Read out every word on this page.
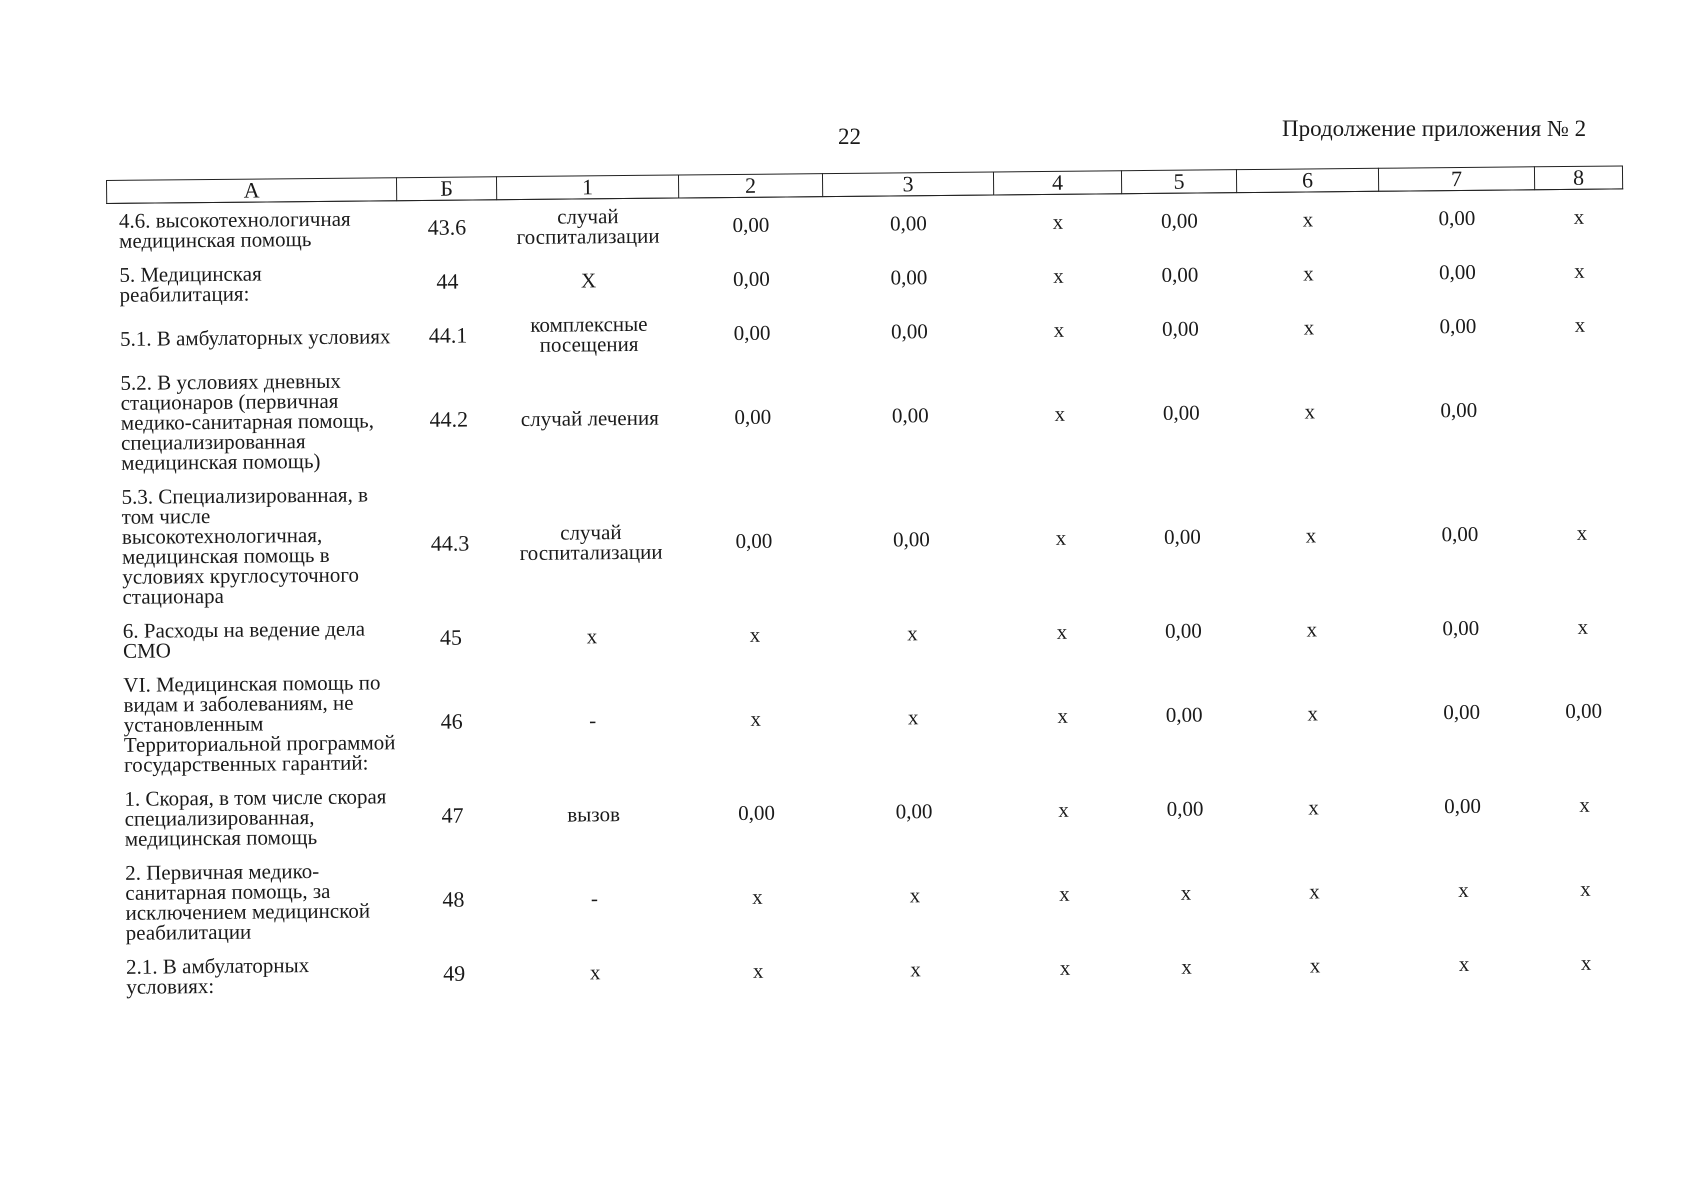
22	Продолжение приложения № 2
А	Б	1	2	3	4	5	6	7	8
4.6. высокотехнологичная медицинская помощь	43.6	случай госпитализации	0,00	0,00	х	0,00	х	0,00	х
5. Медицинская реабилитация:	44	Х	0,00	0,00	х	0,00	х	0,00	х
5.1. В амбулаторных условиях	44.1	комплексные посещения	0,00	0,00	х	0,00	х	0,00	х
5.2. В условиях дневных стационаров (первичная медико-санитарная помощь, специализированная медицинская помощь)	44.2	случай лечения	0,00	0,00	х	0,00	х	0,00	
5.3. Специализированная, в том числе высокотехнологичная, медицинская помощь в условиях круглосуточного стационара	44.3	случай госпитализации	0,00	0,00	х	0,00	х	0,00	х
6. Расходы на ведение дела СМО	45	х	х	х	х	0,00	х	0,00	х
VI. Медицинская помощь по видам и заболеваниям, не установленным Территориальной программой государственных гарантий:	46	-	х	х	х	0,00	х	0,00	0,00
1. Скорая, в том числе скорая специализированная, медицинская помощь	47	вызов	0,00	0,00	х	0,00	х	0,00	х
2. Первичная медико-санитарная помощь, за исключением медицинской реабилитации	48	-	х	х	х	х	х	х	х
2.1. В амбулаторных условиях:	49	х	х	х	х	х	х	х	х
